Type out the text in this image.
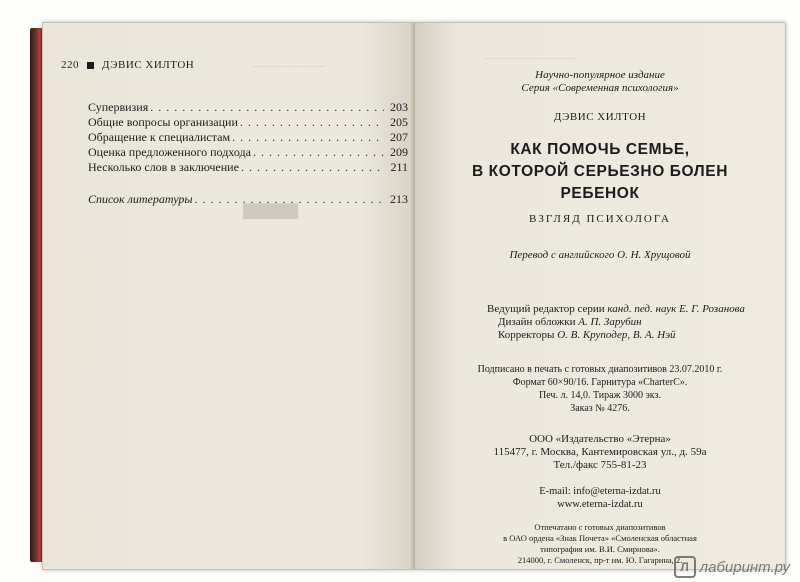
————————
██████
220 ДЭВИС ХИЛТОН
Супервизия . . .	203
Общие вопросы организации . . .	205
Обращение к специалистам . . .	207
Оценка предложенного подхода . . .	209
Несколько слов в заключение . . .	211
Список литературы . . .	213
——————————
Научно-популярное издание
Серия «Современная психология»
ДЭВИС ХИЛТОН
КАК ПОМОЧЬ СЕМЬЕ,
В КОТОРОЙ СЕРЬЕЗНО БОЛЕН
РЕБЕНОК
ВЗГЛЯД ПСИХОЛОГА
Перевод с английского О. Н. Хрущовой
Ведущий редактор серии канд. пед. наук Е. Г. Розанова
Дизайн обложки А. П. Зарубин
Корректоры О. В. Круподер, В. А. Нэй
Подписано в печать с готовых диапозитивов 23.07.2010 г.
Формат 60×90/16. Гарнитура «CharterC».
Печ. л. 14,0. Тираж 3000 экз.
Заказ № 4276.
ООО «Издательство «Этерна»
115477, г. Москва, Кантемировская ул., д. 59а
Тел./факс 755-81-23
E-mail: info@eterna-izdat.ru
www.eterna-izdat.ru
Отпечатано с готовых диапозитивов
в ОАО ордена «Знак Почета» «Смоленская областная
типография им. В.И. Смирнова».
214000, г. Смоленск, пр-т им. Ю. Гагарина, 2.
Л лабиринт.ру
